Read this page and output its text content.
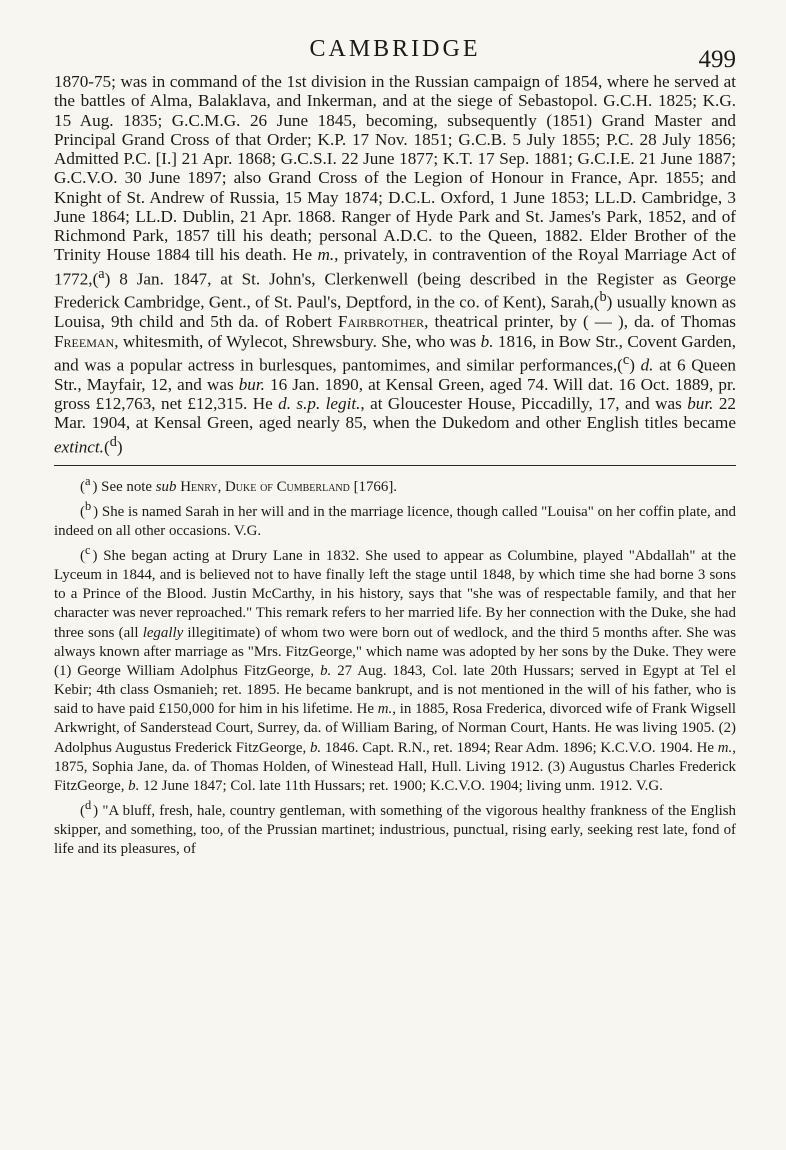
CAMBRIDGE	499
1870-75; was in command of the 1st division in the Russian campaign of 1854, where he served at the battles of Alma, Balaklava, and Inkerman, and at the siege of Sebastopol. G.C.H. 1825; K.G. 15 Aug. 1835; G.C.M.G. 26 June 1845, becoming, subsequently (1851) Grand Master and Principal Grand Cross of that Order; K.P. 17 Nov. 1851; G.C.B. 5 July 1855; P.C. 28 July 1856; Admitted P.C. [I.] 21 Apr. 1868; G.C.S.I. 22 June 1877; K.T. 17 Sep. 1881; G.C.I.E. 21 June 1887; G.C.V.O. 30 June 1897; also Grand Cross of the Legion of Honour in France, Apr. 1855; and Knight of St. Andrew of Russia, 15 May 1874; D.C.L. Oxford, 1 June 1853; LL.D. Cambridge, 3 June 1864; LL.D. Dublin, 21 Apr. 1868. Ranger of Hyde Park and St. James's Park, 1852, and of Richmond Park, 1857 till his death; personal A.D.C. to the Queen, 1882. Elder Brother of the Trinity House 1884 till his death. He m., privately, in contravention of the Royal Marriage Act of 1772,($^a$) 8 Jan. 1847, at St. John's, Clerkenwell (being described in the Register as George Frederick Cambridge, Gent., of St. Paul's, Deptford, in the co. of Kent), Sarah,($^b$) usually known as Louisa, 9th child and 5th da. of Robert Fairbrother, theatrical printer, by ( — ), da. of Thomas Freeman, whitesmith, of Wylecot, Shrewsbury. She, who was b. 1816, in Bow Str., Covent Garden, and was a popular actress in burlesques, pantomimes, and similar performances,($^c$) d. at 6 Queen Str., Mayfair, 12, and was bur. 16 Jan. 1890, at Kensal Green, aged 74. Will dat. 16 Oct. 1889, pr. gross £12,763, net £12,315. He d. s.p. legit., at Gloucester House, Piccadilly, 17, and was bur. 22 Mar. 1904, at Kensal Green, aged nearly 85, when the Dukedom and other English titles became extinct.($^d$)

($^a$ ) See note sub Henry, Duke of Cumberland [1766].

($^b$ ) She is named Sarah in her will and in the marriage licence, though called "Louisa" on her coffin plate, and indeed on all other occasions. V.G.

($^c$ ) She began acting at Drury Lane in 1832. She used to appear as Columbine, played "Abdallah" at the Lyceum in 1844, and is believed not to have finally left the stage until 1848, by which time she had borne 3 sons to a Prince of the Blood. Justin McCarthy, in his history, says that "she was of respectable family, and that her character was never reproached." This remark refers to her married life. By her connection with the Duke, she had three sons (all legally illegitimate) of whom two were born out of wedlock, and the third 5 months after. She was always known after marriage as "Mrs. FitzGeorge," which name was adopted by her sons by the Duke. They were (1) George William Adolphus FitzGeorge, b. 27 Aug. 1843, Col. late 20th Hussars; served in Egypt at Tel el Kebir; 4th class Osmanieh; ret. 1895. He became bankrupt, and is not mentioned in the will of his father, who is said to have paid £150,000 for him in his lifetime. He m., in 1885, Rosa Frederica, divorced wife of Frank Wigsell Arkwright, of Sanderstead Court, Surrey, da. of William Baring, of Norman Court, Hants. He was living 1905. (2) Adolphus Augustus Frederick FitzGeorge, b. 1846. Capt. R.N., ret. 1894; Rear Adm. 1896; K.C.V.O. 1904. He m., 1875, Sophia Jane, da. of Thomas Holden, of Winestead Hall, Hull. Living 1912. (3) Augustus Charles Frederick FitzGeorge, b. 12 June 1847; Col. late 11th Hussars; ret. 1900; K.C.V.O. 1904; living unm. 1912. V.G.

($^d$ ) "A bluff, fresh, hale, country gentleman, with something of the vigorous healthy frankness of the English skipper, and something, too, of the Prussian martinet; industrious, punctual, rising early, seeking rest late, fond of life and its pleasures, of
